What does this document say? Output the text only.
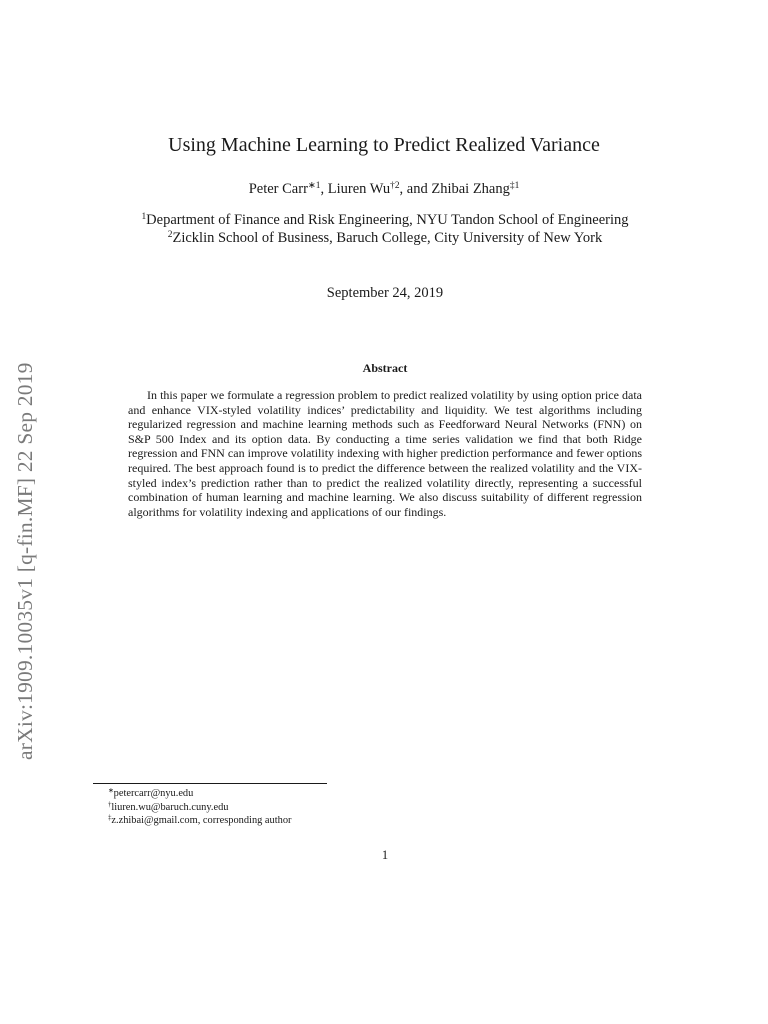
arXiv:1909.10035v1 [q-fin.MF] 22 Sep 2019
Using Machine Learning to Predict Realized Variance
Peter Carr$^{∗1}$, Liuren Wu$^{\dagger 2}$, and Zhibai Zhang$^{\ddagger 1}$
$^1$Department of Finance and Risk Engineering, NYU Tandon School of Engineering
$^2$Zicklin School of Business, Baruch College, City University of New York
September 24, 2019
Abstract
In this paper we formulate a regression problem to predict realized volatility by using option price data and enhance VIX-styled volatility indices’ predictability and liquidity. We test algorithms including regularized regression and machine learning methods such as Feedforward Neural Networks (FNN) on S&P 500 Index and its option data. By conducting a time series validation we find that both Ridge regression and FNN can improve volatility indexing with higher prediction performance and fewer options required. The best approach found is to predict the difference between the realized volatility and the VIX-styled index’s prediction rather than to predict the realized volatility directly, representing a successful combination of human learning and machine learning. We also discuss suitability of different regression algorithms for volatility indexing and applications of our findings.
∗petercarr@nyu.edu
†liuren.wu@baruch.cuny.edu
‡z.zhibai@gmail.com, corresponding author
1
